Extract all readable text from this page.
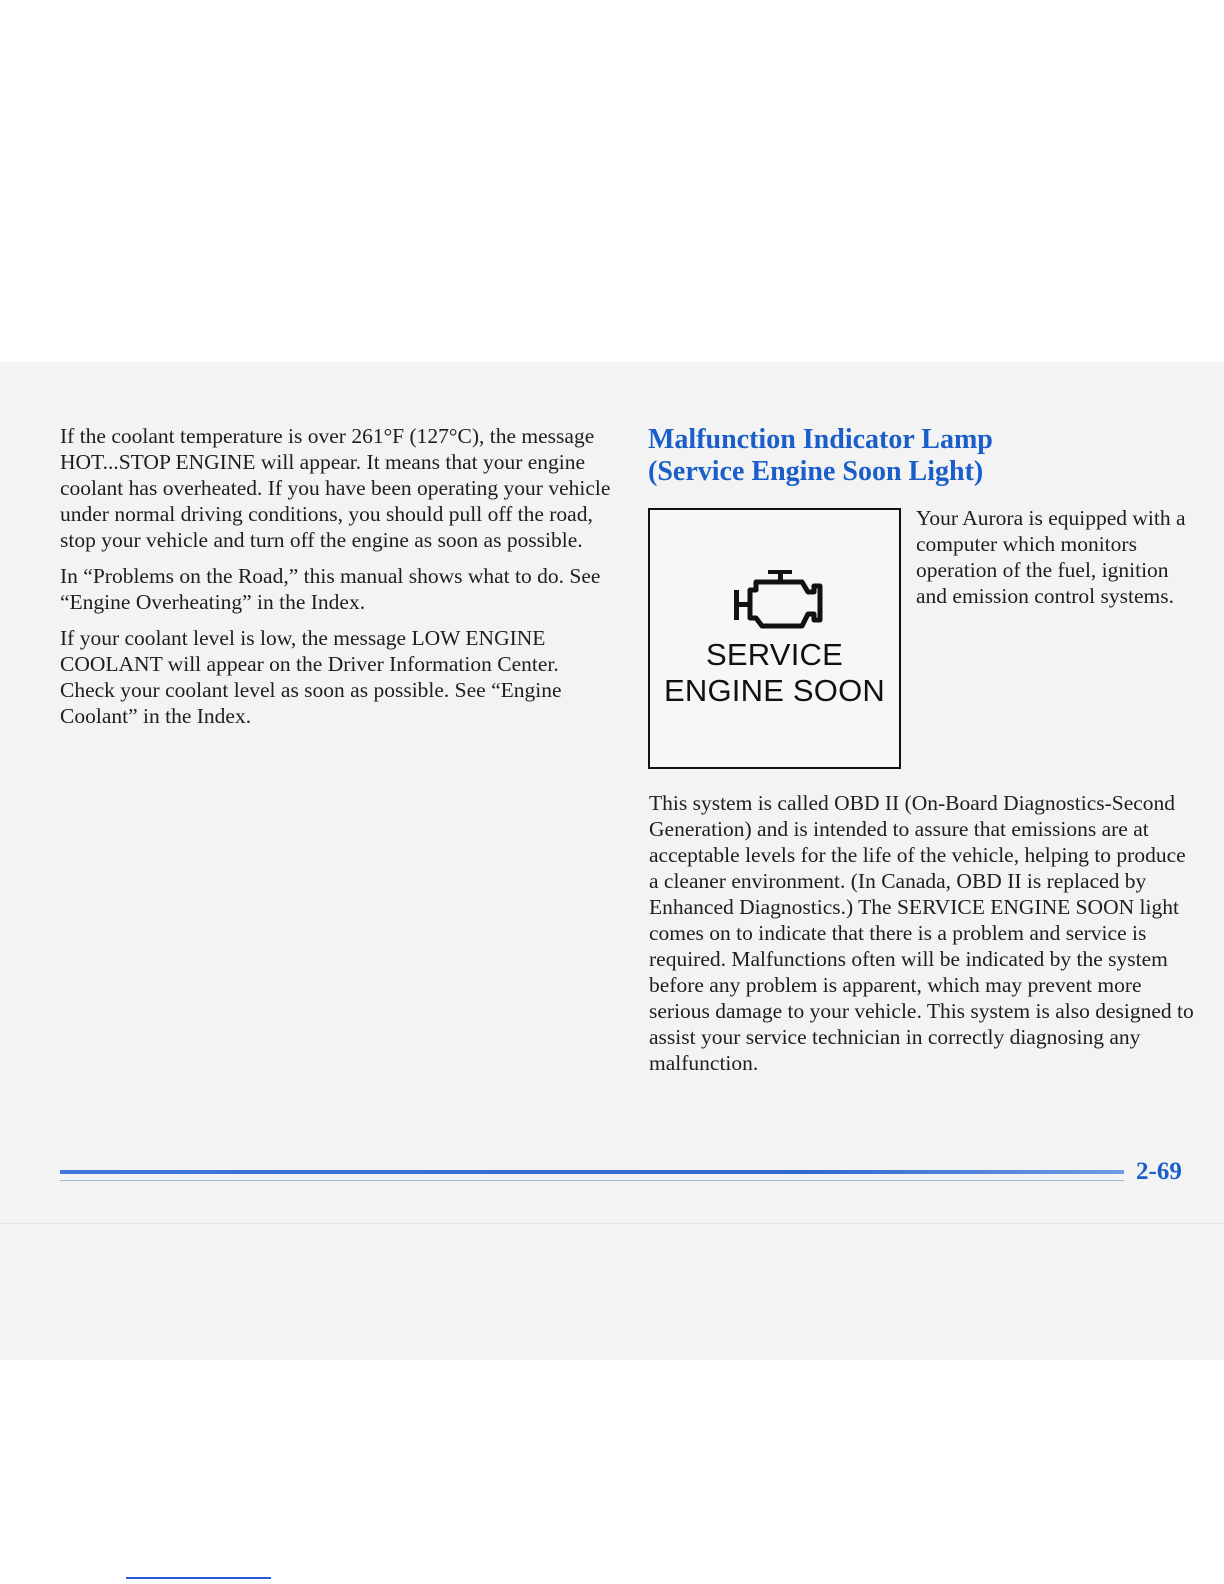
If the coolant temperature is over 261°F (127°C), the message HOT...STOP ENGINE will appear. It means that your engine coolant has overheated. If you have been operating your vehicle under normal driving conditions, you should pull off the road, stop your vehicle and turn off the engine as soon as possible.

In “Problems on the Road,” this manual shows what to do. See “Engine Overheating” in the Index.

If your coolant level is low, the message LOW ENGINE COOLANT will appear on the Driver Information Center. Check your coolant level as soon as possible. See “Engine Coolant” in the Index.

Malfunction Indicator Lamp
(Service Engine Soon Light)
SERVICE
ENGINE SOON

Your Aurora is equipped with a computer which monitors operation of the fuel, ignition and emission control systems.

This system is called OBD II (On-Board Diagnostics-Second Generation) and is intended to assure that emissions are at acceptable levels for the life of the vehicle, helping to produce a cleaner environment. (In Canada, OBD II is replaced by Enhanced Diagnostics.) The SERVICE ENGINE SOON light comes on to indicate that there is a problem and service is required. Malfunctions often will be indicated by the system before any problem is apparent, which may prevent more serious damage to your vehicle. This system is also designed to assist your service technician in correctly diagnosing any malfunction.

2-69
